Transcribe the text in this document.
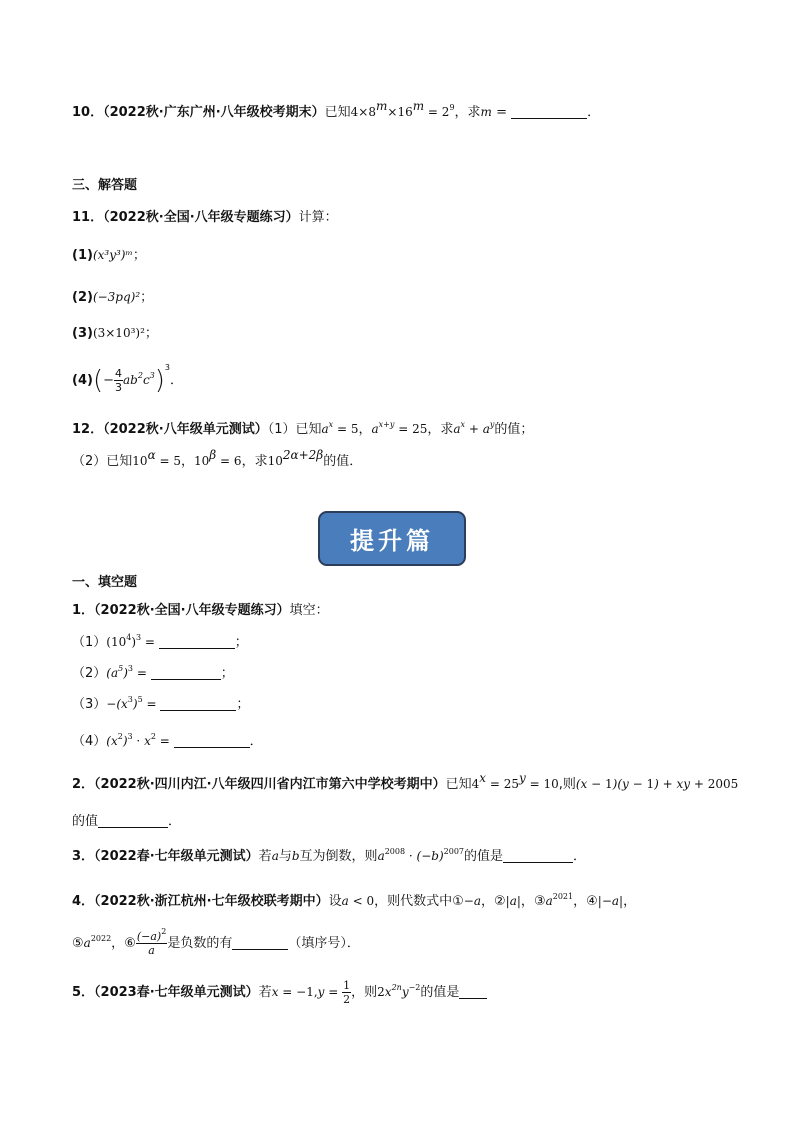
10．（2022秋·广东广州·八年级校考期末）已知$4\times 8^m\times 16^m = 2^9$，求m =	．
三、解答题
11．（2022秋·全国·八年级专题练习）计算：
(1)(x³y³)ᵐ；
(2)(−3pq)²；
(3)(3×10³)²；
$(4)(- \frac{4}{3} ab^2c^3)^3$．
12．（2022秋·八年级单元测试）（1）已知$a^x = 5$，$a^{x+y} = 25$，求$a^x + a^y$的值；
（2）已知$10^\alpha = 5$，$10^\beta = 6$，求$10^{2\alpha+2\beta}$的值．
提升篇
一、填空题
1．（2022秋·全国·八年级专题练习）填空：
$(1)(10^4)^3$ =	；
$(2)(a^5)^3$ =	；
$(3)-(x^3)^5$ =	；
$(4)(x^2)^3 \cdot x^2$ =	．
2．（2022秋·四川内江·八年级四川省内江市第六中学校考期中）已知$4^x = 25^y = 10$,则(x − 1)(y − 1) + xy + 2005
的值	．
3．（2022春·七年级单元测试）若a与b互为倒数，则$a^{2008} \cdot (-b)^{2007}$的值是	．
4．（2022秋·浙江杭州·七年级校联考期中）设a < 0，则代数式中①−a，②|a|，$③a^{2021}$，④|−a|，
$⑤a^{2022}$，⑥ $\frac{(-a)^2}{a}$ 是负数的有	（填序号）．
5．（2023春·七年级单元测试）若$x = -1,y = \frac{1}{2}$ ，则$2x^{2n}y^{-2}$的值是
